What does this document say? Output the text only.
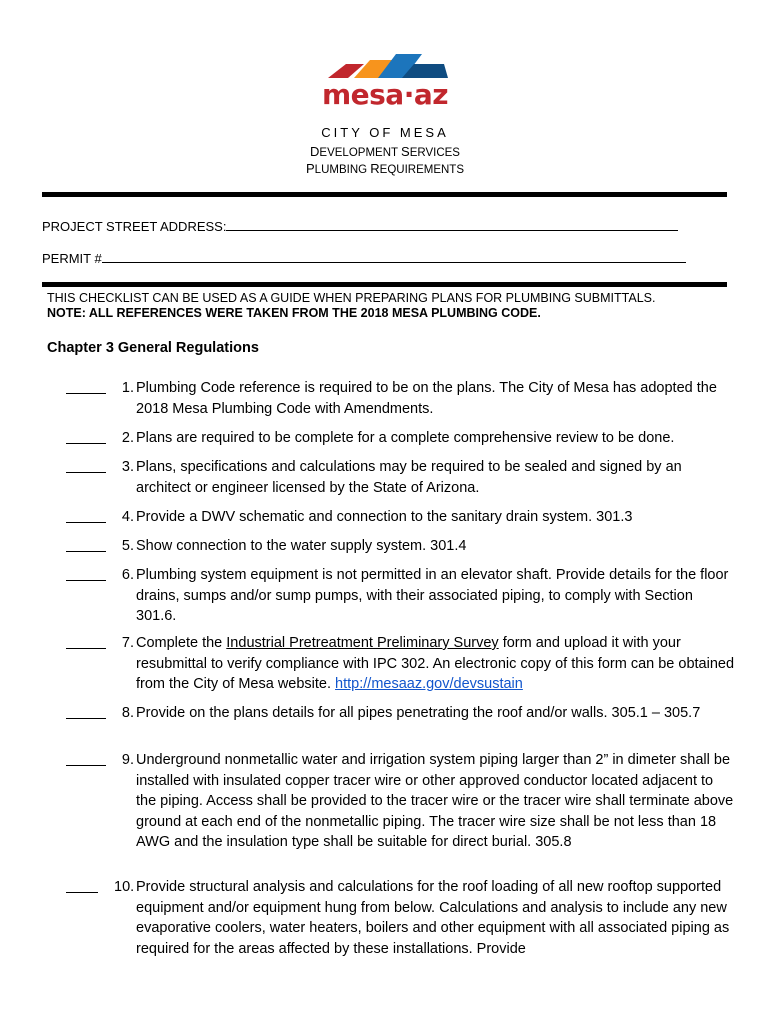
mesa·az
CITY OF MESA
DEVELOPMENT SERVICES
PLUMBING REQUIREMENTS
PROJECT STREET ADDRESS:
PERMIT #
THIS CHECKLIST CAN BE USED AS A GUIDE WHEN PREPARING PLANS FOR PLUMBING SUBMITTALS.
NOTE: ALL REFERENCES WERE TAKEN FROM THE 2018 MESA PLUMBING CODE.
Chapter 3 General Regulations
1. Plumbing Code reference is required to be on the plans. The City of Mesa has adopted the 2018 Mesa Plumbing Code with Amendments.
2. Plans are required to be complete for a complete comprehensive review to be done.
3. Plans, specifications and calculations may be required to be sealed and signed by an architect or engineer licensed by the State of Arizona.
4. Provide a DWV schematic and connection to the sanitary drain system. 301.3
5. Show connection to the water supply system. 301.4
6. Plumbing system equipment is not permitted in an elevator shaft. Provide details for the floor drains, sumps and/or sump pumps, with their associated piping, to comply with Section 301.6.
7. Complete the Industrial Pretreatment Preliminary Survey form and upload it with your resubmittal to verify compliance with IPC 302. An electronic copy of this form can be obtained from the City of Mesa website. http://mesaaz.gov/devsustain
8. Provide on the plans details for all pipes penetrating the roof and/or walls. 305.1 – 305.7
9. Underground nonmetallic water and irrigation system piping larger than 2” in dimeter shall be installed with insulated copper tracer wire or other approved conductor located adjacent to the piping. Access shall be provided to the tracer wire or the tracer wire shall terminate above ground at each end of the nonmetallic piping. The tracer wire size shall be not less than 18 AWG and the insulation type shall be suitable for direct burial. 305.8
10. Provide structural analysis and calculations for the roof loading of all new rooftop supported equipment and/or equipment hung from below. Calculations and analysis to include any new evaporative coolers, water heaters, boilers and other equipment with all associated piping as required for the areas affected by these installations. Provide
